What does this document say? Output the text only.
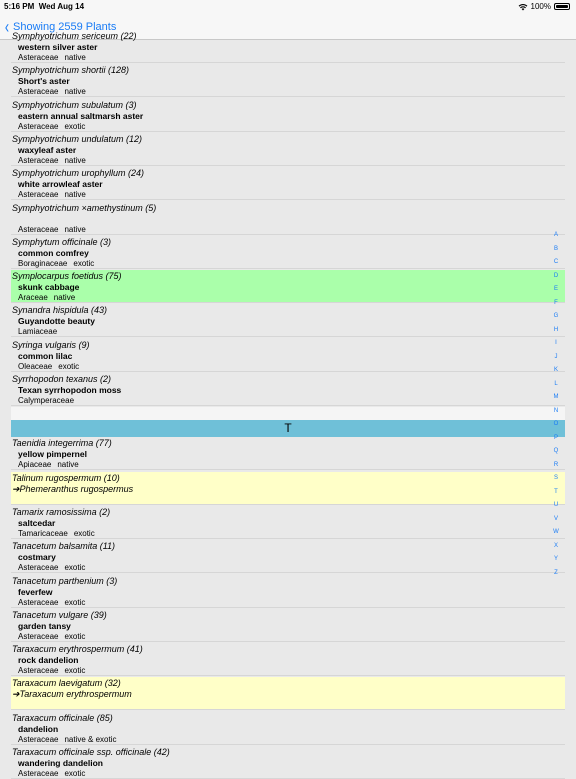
5:16 PM Wed Aug 14	100%
‹ Showing 2559 Plants
Symphyotrichum sericeum (22)
western silver aster
Asteraceae native
Symphyotrichum shortii (128)
Short's aster
Asteraceae native
Symphyotrichum subulatum (3)
eastern annual saltmarsh aster
Asteraceae exotic
Symphyotrichum undulatum (12)
waxyleaf aster
Asteraceae native
Symphyotrichum urophyllum (24)
white arrowleaf aster
Asteraceae native
Symphyotrichum ×amethystinum (5)
Asteraceae native
Symphytum officinale (3)
common comfrey
Boraginaceae exotic
Symplocarpus foetidus (75)
skunk cabbage
Araceae native
Synandra hispidula (43)
Guyandotte beauty
Lamiaceae
Syringa vulgaris (9)
common lilac
Oleaceae exotic
Syrrhopodon texanus (2)
Texan syrrhopodon moss
Calymperaceae
T
Taenidia integerrima (77)
yellow pimpernel
Apiaceae native
Talinum rugospermum (10)
➔Phemeranthus rugospermus
Tamarix ramosissima (2)
saltcedar
Tamaricaceae exotic
Tanacetum balsamita (11)
costmary
Asteraceae exotic
Tanacetum parthenium (3)
feverfew
Asteraceae exotic
Tanacetum vulgare (39)
garden tansy
Asteraceae exotic
Taraxacum erythrospermum (41)
rock dandelion
Asteraceae exotic
Taraxacum laevigatum (32)
➔Taraxacum erythrospermum
Taraxacum officinale (85)
dandelion
Asteraceae native & exotic
Taraxacum officinale ssp. officinale (42)
wandering dandelion
Asteraceae exotic
A
B
C
D
E
F
G
H
I
J
K
L
M
N
O
P
Q
R
S
T
U
V
W
X
Y
Z
